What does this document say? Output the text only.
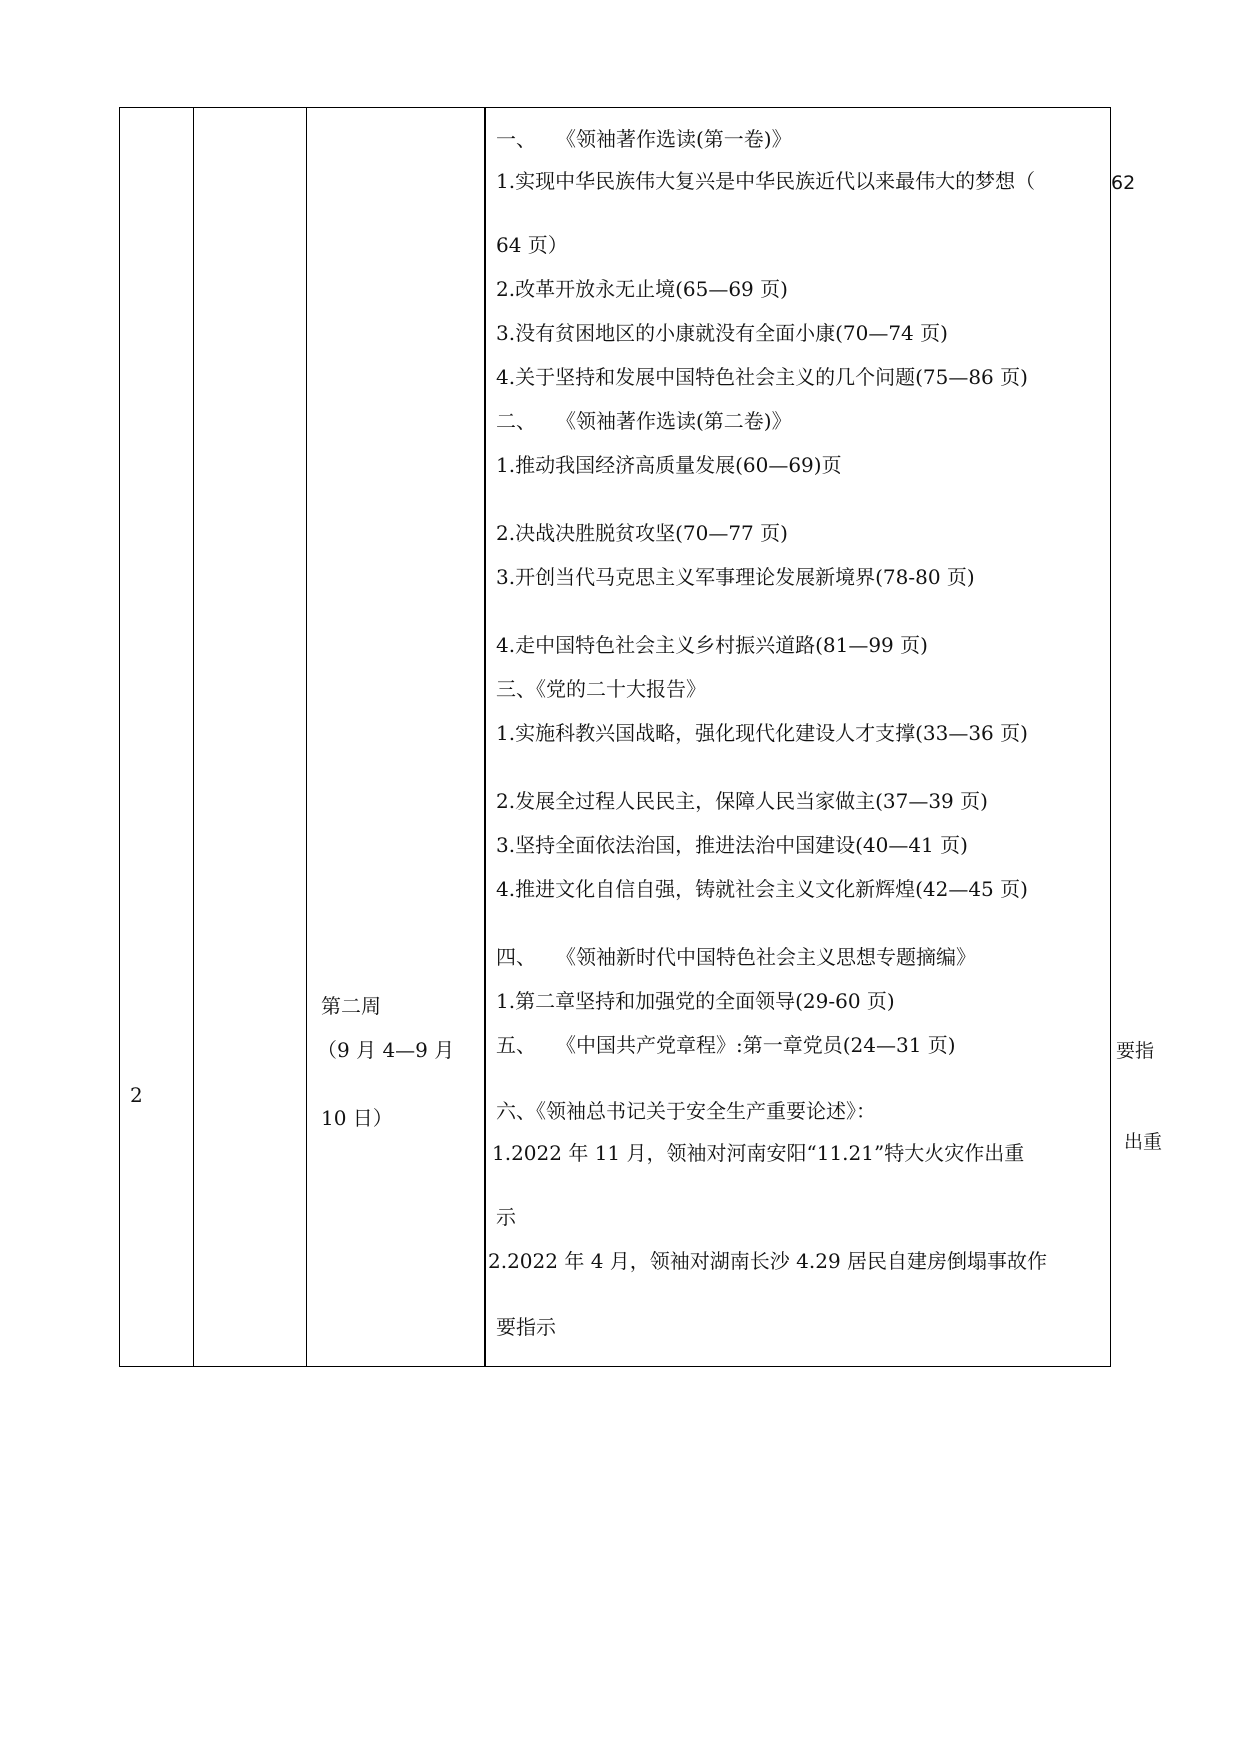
2
第二周
（9 月 4—9 月
10 日）
一、　　《领袖著作选读(第一卷)》
1.实现中华民族伟大复兴是中华民族近代以来最伟大的梦想（
64 页）
2.改革开放永无止境(65—69 页)
3.没有贫困地区的小康就没有全面小康(70—74 页)
4.关于坚持和发展中国特色社会主义的几个问题(75—86 页)
二、　　《领袖著作选读(第二卷)》
1.推动我国经济高质量发展(60—69)页
2.决战决胜脱贫攻坚(70—77 页)
3.开创当代马克思主义军事理论发展新境界(78-80 页)
4.走中国特色社会主义乡村振兴道路(81—99 页)
三、《党的二十大报告》
1.实施科教兴国战略，强化现代化建设人才支撑(33—36 页)
2.发展全过程人民民主，保障人民当家做主(37—39 页)
3.坚持全面依法治国，推进法治中国建设(40—41 页)
4.推进文化自信自强，铸就社会主义文化新辉煌(42—45 页)
四、　　《领袖新时代中国特色社会主义思想专题摘编》
1.第二章坚持和加强党的全面领导(29-60 页)
五、　　《中国共产党章程》:第一章党员(24—31 页)
六、《领袖总书记关于安全生产重要论述》：
1.2022 年 11 月，领袖对河南安阳“11.21”特大火灾作出重
示
2.2022 年 4 月，领袖对湖南长沙 4.29 居民自建房倒塌事故作
要指示
62
要指
出重
